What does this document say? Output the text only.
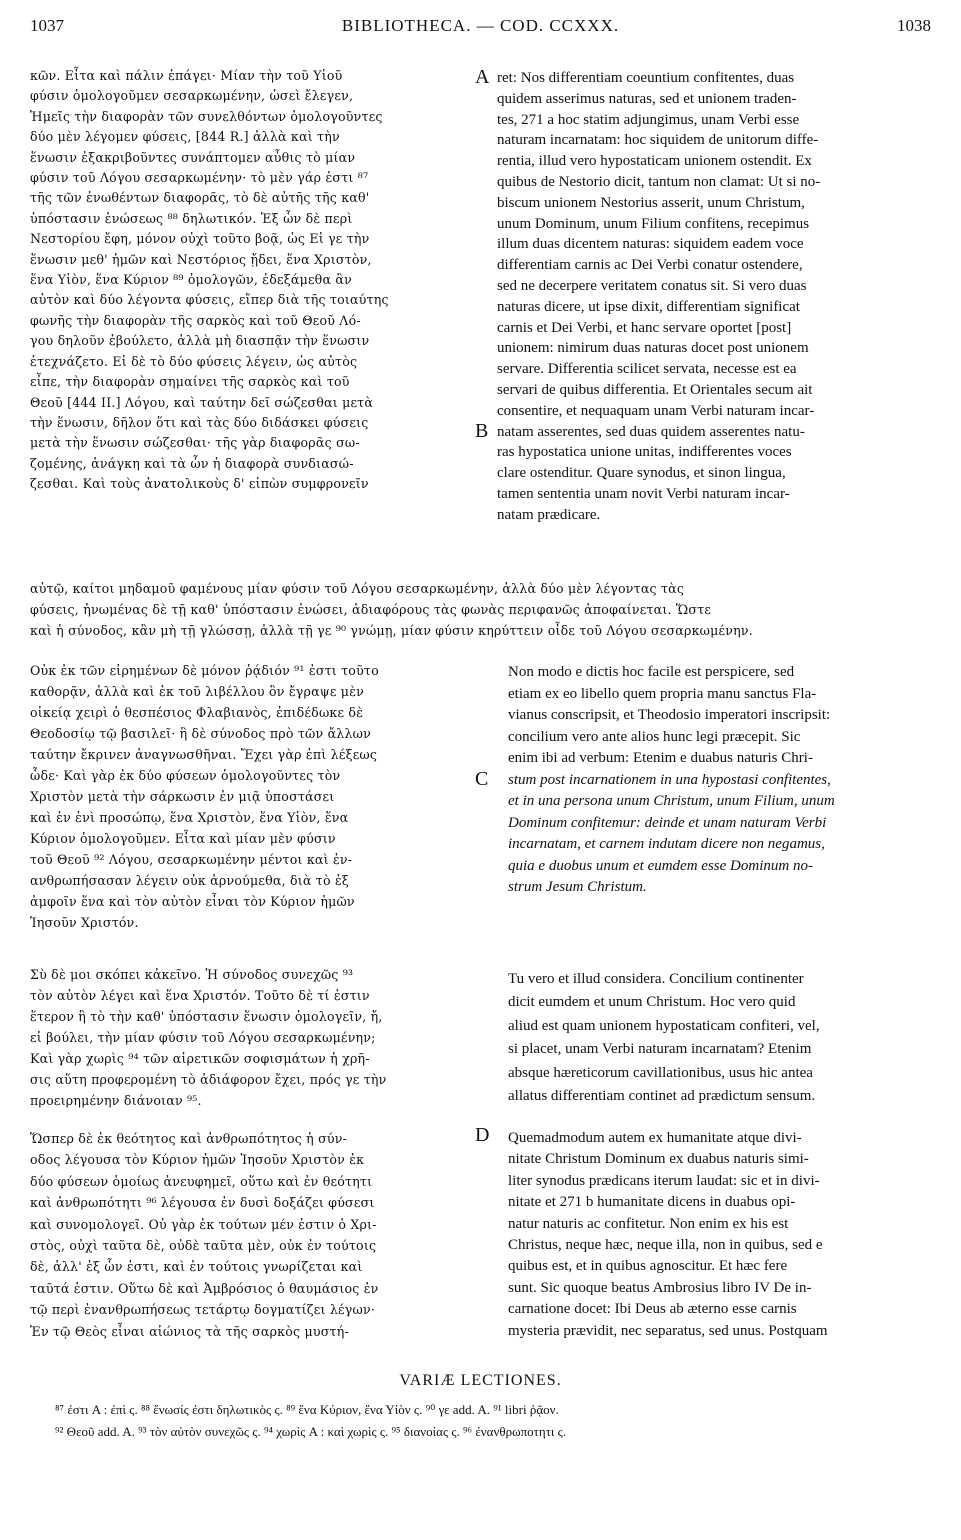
1037	BIBLIOTHECA. — COD. CCXXX.	1038
κῶν. Εἶτα καὶ πάλιν ἐπάγει· Μίαν τὴν τοῦ Υἱοῦ
φύσιν ὁμολογοῦμεν σεσαρκωμένην, ὡσεὶ ἔλεγεν,
Ἡμεῖς τὴν διαφορὰν τῶν συνελθόντων ὁμολογοῦντες
δύο μὲν λέγομεν φύσεις, [844 R.] ἀλλὰ καὶ τὴν
ἕνωσιν ἐξακριβοῦντες συνάπτομεν αὖθις τὸ μίαν
φύσιν τοῦ Λόγου σεσαρκωμένην· τὸ μὲν γάρ ἐστι ⁸⁷
τῆς τῶν ἐνωθέντων διαφορᾶς, τὸ δὲ αὐτῆς τῆς καθ'
ὑπόστασιν ἑνώσεως ⁸⁸ δηλωτικόν. Ἐξ ὧν δὲ περὶ
Νεστορίου ἔφη, μόνον οὐχὶ τοῦτο βοᾷ, ὡς Εἰ γε τὴν
ἕνωσιν μεθ' ἡμῶν καὶ Νεστόριος ᾔδει, ἕνα Χριστὸν,
ἕνα Υἱὸν, ἕνα Κύριον ⁸⁹ ὁμολογῶν, ἐδεξάμεθα ἂν
αὐτὸν καὶ δύο λέγοντα φύσεις, εἴπερ διὰ τῆς τοιαύτης
φωνῆς τὴν διαφορὰν τῆς σαρκὸς καὶ τοῦ Θεοῦ Λό-
γου δηλοῦν ἐβούλετο, ἀλλὰ μὴ διασπᾷν τὴν ἕνωσιν
ἐτεχνάζετο. Εἰ δὲ τὸ δύο φύσεις λέγειν, ὡς αὐτὸς
εἶπε, τὴν διαφορὰν σημαίνει τῆς σαρκὸς καὶ τοῦ
Θεοῦ [444 II.] Λόγου, καὶ ταύτην δεῖ σώζεσθαι μετὰ
τὴν ἕνωσιν, δῆλον ὅτι καὶ τὰς δύο διδάσκει φύσεις
μετὰ τὴν ἕνωσιν σώζεσθαι· τῆς γὰρ διαφορᾶς σω-
ζομένης, ἀνάγκη καὶ τὰ ὧν ἡ διαφορὰ συνδιασώ-
ζεσθαι. Καὶ τοὺς ἀνατολικοὺς δ' εἰπὼν συμφρονεῖν
ret: Nos differentiam coeuntium confitentes, duas
quidem asserimus naturas, sed et unionem traden-
tes, 271 a hoc statim adjungimus, unam Verbi esse
naturam incarnatam: hoc siquidem de unitorum diffe-
rentia, illud vero hypostaticam unionem ostendit. Ex
quibus de Nestorio dicit, tantum non clamat: Ut si no-
biscum unionem Nestorius asserit, unum Christum,
unum Dominum, unum Filium confitens, recepimus
illum duas dicentem naturas: siquidem eadem voce
differentiam carnis ac Dei Verbi conatur ostendere,
sed ne decerpere veritatem conatus sit. Si vero duas
naturas dicere, ut ipse dixit, differentiam significat
carnis et Dei Verbi, et hanc servare oportet [post]
unionem: nimirum duas naturas docet post unionem
servare. Differentia scilicet servata, necesse est ea
servari de quibus differentia. Et Orientales secum ait
consentire, et nequaquam unam Verbi naturam incar-
natam asserentes, sed duas quidem asserentes natu-
ras hypostatica unione unitas, indifferentes voces
clare ostenditur. Quare synodus, et sinon lingua,
tamen sententia unam novit Verbi naturam incar-
natam prædicare.
αὐτῷ, καίτοι μηδαμοῦ φαμένους μίαν φύσιν τοῦ Λόγου σεσαρκωμένην, ἀλλὰ δύο μὲν λέγοντας τὰς
φύσεις, ἡνωμένας δὲ τῇ καθ' ὑπόστασιν ἑνώσει, ἀδιαφόρους τὰς φωνὰς περιφανῶς ἀποφαίνεται. Ὥστε
καὶ ἡ σύνοδος, κἂν μὴ τῇ γλώσσῃ, ἀλλὰ τῇ γε ⁹⁰ γνώμῃ, μίαν φύσιν κηρύττειν οἶδε τοῦ Λόγου σεσαρκωμένην.
Οὐκ ἐκ τῶν εἰρημένων δὲ μόνον ῥᾴδιόν ⁹¹ ἐστι τοῦτο
καθορᾷν, ἀλλὰ καὶ ἐκ τοῦ λιβέλλου ὃν ἔγραψε μὲν
οἰκείᾳ χειρὶ ὁ θεσπέσιος Φλαβιανὸς, ἐπιδέδωκε δὲ
Θεοδοσίῳ τῷ βασιλεῖ· ἣ δὲ σύνοδος πρὸ τῶν ἄλλων
ταύτην ἔκρινεν ἀναγνωσθῆναι. Ἔχει γὰρ ἐπὶ λέξεως
ὧδε· Καὶ γὰρ ἐκ δύο φύσεων ὁμολογοῦντες τὸν
Χριστὸν μετὰ τὴν σάρκωσιν ἐν μιᾷ ὑποστάσει
καὶ ἐν ἑνὶ προσώπῳ, ἕνα Χριστὸν, ἕνα Υἱὸν, ἕνα
Κύριον ὁμολογοῦμεν. Εἶτα καὶ μίαν μὲν φύσιν
τοῦ Θεοῦ ⁹² Λόγου, σεσαρκωμένην μέντοι καὶ ἐν-
ανθρωπήσασαν λέγειν οὐκ ἀρνούμεθα, διὰ τὸ ἐξ
ἀμφοῖν ἕνα καὶ τὸν αὐτὸν εἶναι τὸν Κύριον ἡμῶν
Ἰησοῦν Χριστόν.
Non modo e dictis hoc facile est perspicere, sed
etiam ex eo libello quem propria manu sanctus Fla-
vianus conscripsit, et Theodosio imperatori inscripsit:
concilium vero ante alios hunc legi præcepit. Sic
enim ibi ad verbum: Etenim e duabus naturis Chri-
stum post incarnationem in una hypostasi confitentes,
et in una persona unum Christum, unum Filium, unum
Dominum confitemur: deinde et unam naturam Verbi
incarnatam, et carnem indutam dicere non negamus,
quia e duobus unum et eumdem esse Dominum no-
strum Jesum Christum.
Σὺ δὲ μοι σκόπει κἀκεῖνο. Ἡ σύνοδος συνεχῶς ⁹³
τὸν αὐτὸν λέγει καὶ ἕνα Χριστόν. Τοῦτο δὲ τί ἐστιν
ἕτερον ἢ τὸ τὴν καθ' ὑπόστασιν ἕνωσιν ὁμολογεῖν, ἤ,
εἰ βούλει, τὴν μίαν φύσιν τοῦ Λόγου σεσαρκωμένην;
Καὶ γὰρ χωρὶς ⁹⁴ τῶν αἱρετικῶν σοφισμάτων ἡ χρῆ-
σις αὕτη προφερομένη τὸ ἀδιάφορον ἔχει, πρός γε τὴν
προειρημένην διάνοιαν ⁹⁵.
Tu vero et illud considera. Concilium continenter
dicit eumdem et unum Christum. Hoc vero quid
aliud est quam unionem hypostaticam confiteri, vel,
si placet, unam Verbi naturam incarnatam? Etenim
absque hæreticorum cavillationibus, usus hic antea
allatus differentiam continet ad prædictum sensum.
Ὥσπερ δὲ ἐκ θεότητος καὶ ἀνθρωπότητος ἡ σύν-
οδος λέγουσα τὸν Κύριον ἡμῶν Ἰησοῦν Χριστὸν ἐκ
δύο φύσεων ὁμοίως ἀνευφημεῖ, οὕτω καὶ ἐν θεότητι
καὶ ἀνθρωπότητι ⁹⁶ λέγουσα ἐν δυσὶ δοξάζει φύσεσι
καὶ συνομολογεῖ. Οὐ γὰρ ἐκ τούτων μέν ἐστιν ὁ Χρι-
στὸς, οὐχὶ ταῦτα δὲ, οὐδὲ ταῦτα μὲν, οὐκ ἐν τούτοις
δὲ, ἀλλ' ἐξ ὧν ἐστι, καὶ ἐν τούτοις γνωρίζεται καὶ
ταῦτά ἐστιν. Οὕτω δὲ καὶ Ἀμβρόσιος ὁ θαυμάσιος ἐν
τῷ περὶ ἐνανθρωπήσεως τετάρτῳ δογματίζει λέγων·
Ἐν τῷ Θεὸς εἶναι αἰώνιος τὰ τῆς σαρκὸς μυστή-
Quemadmodum autem ex humanitate atque divi-
nitate Christum Dominum ex duabus naturis simi-
liter synodus prædicans iterum laudat: sic et in divi-
nitate et 271 b humanitate dicens in duabus opi-
natur naturis ac confitetur. Non enim ex his est
Christus, neque hæc, neque illa, non in quibus, sed e
quibus est, et in quibus agnoscitur. Et hæc fere
sunt. Sic quoque beatus Ambrosius libro IV De in-
carnatione docet: Ibi Deus ab æterno esse carnis
mysteria prævidit, nec separatus, sed unus. Postquam
A
B
C
D
VARIÆ LECTIONES.
⁸⁷ ἐστι A : ἐπὶ ς. ⁸⁸ ἕνωσίς ἐστι δηλωτικὸς ς. ⁸⁹ ἕνα Κύριον, ἕνα Υἱὸν ς. ⁹⁰ γε add. A. ⁹¹ libri ῥᾷον.
⁹² Θεοῦ add. A. ⁹³ τὸν αὐτὸν συνεχῶς ς. ⁹⁴ χωρὶς A : καὶ χωρὶς ς. ⁹⁵ διανοίας ς. ⁹⁶ ἐνανθρωποτητι ς.
